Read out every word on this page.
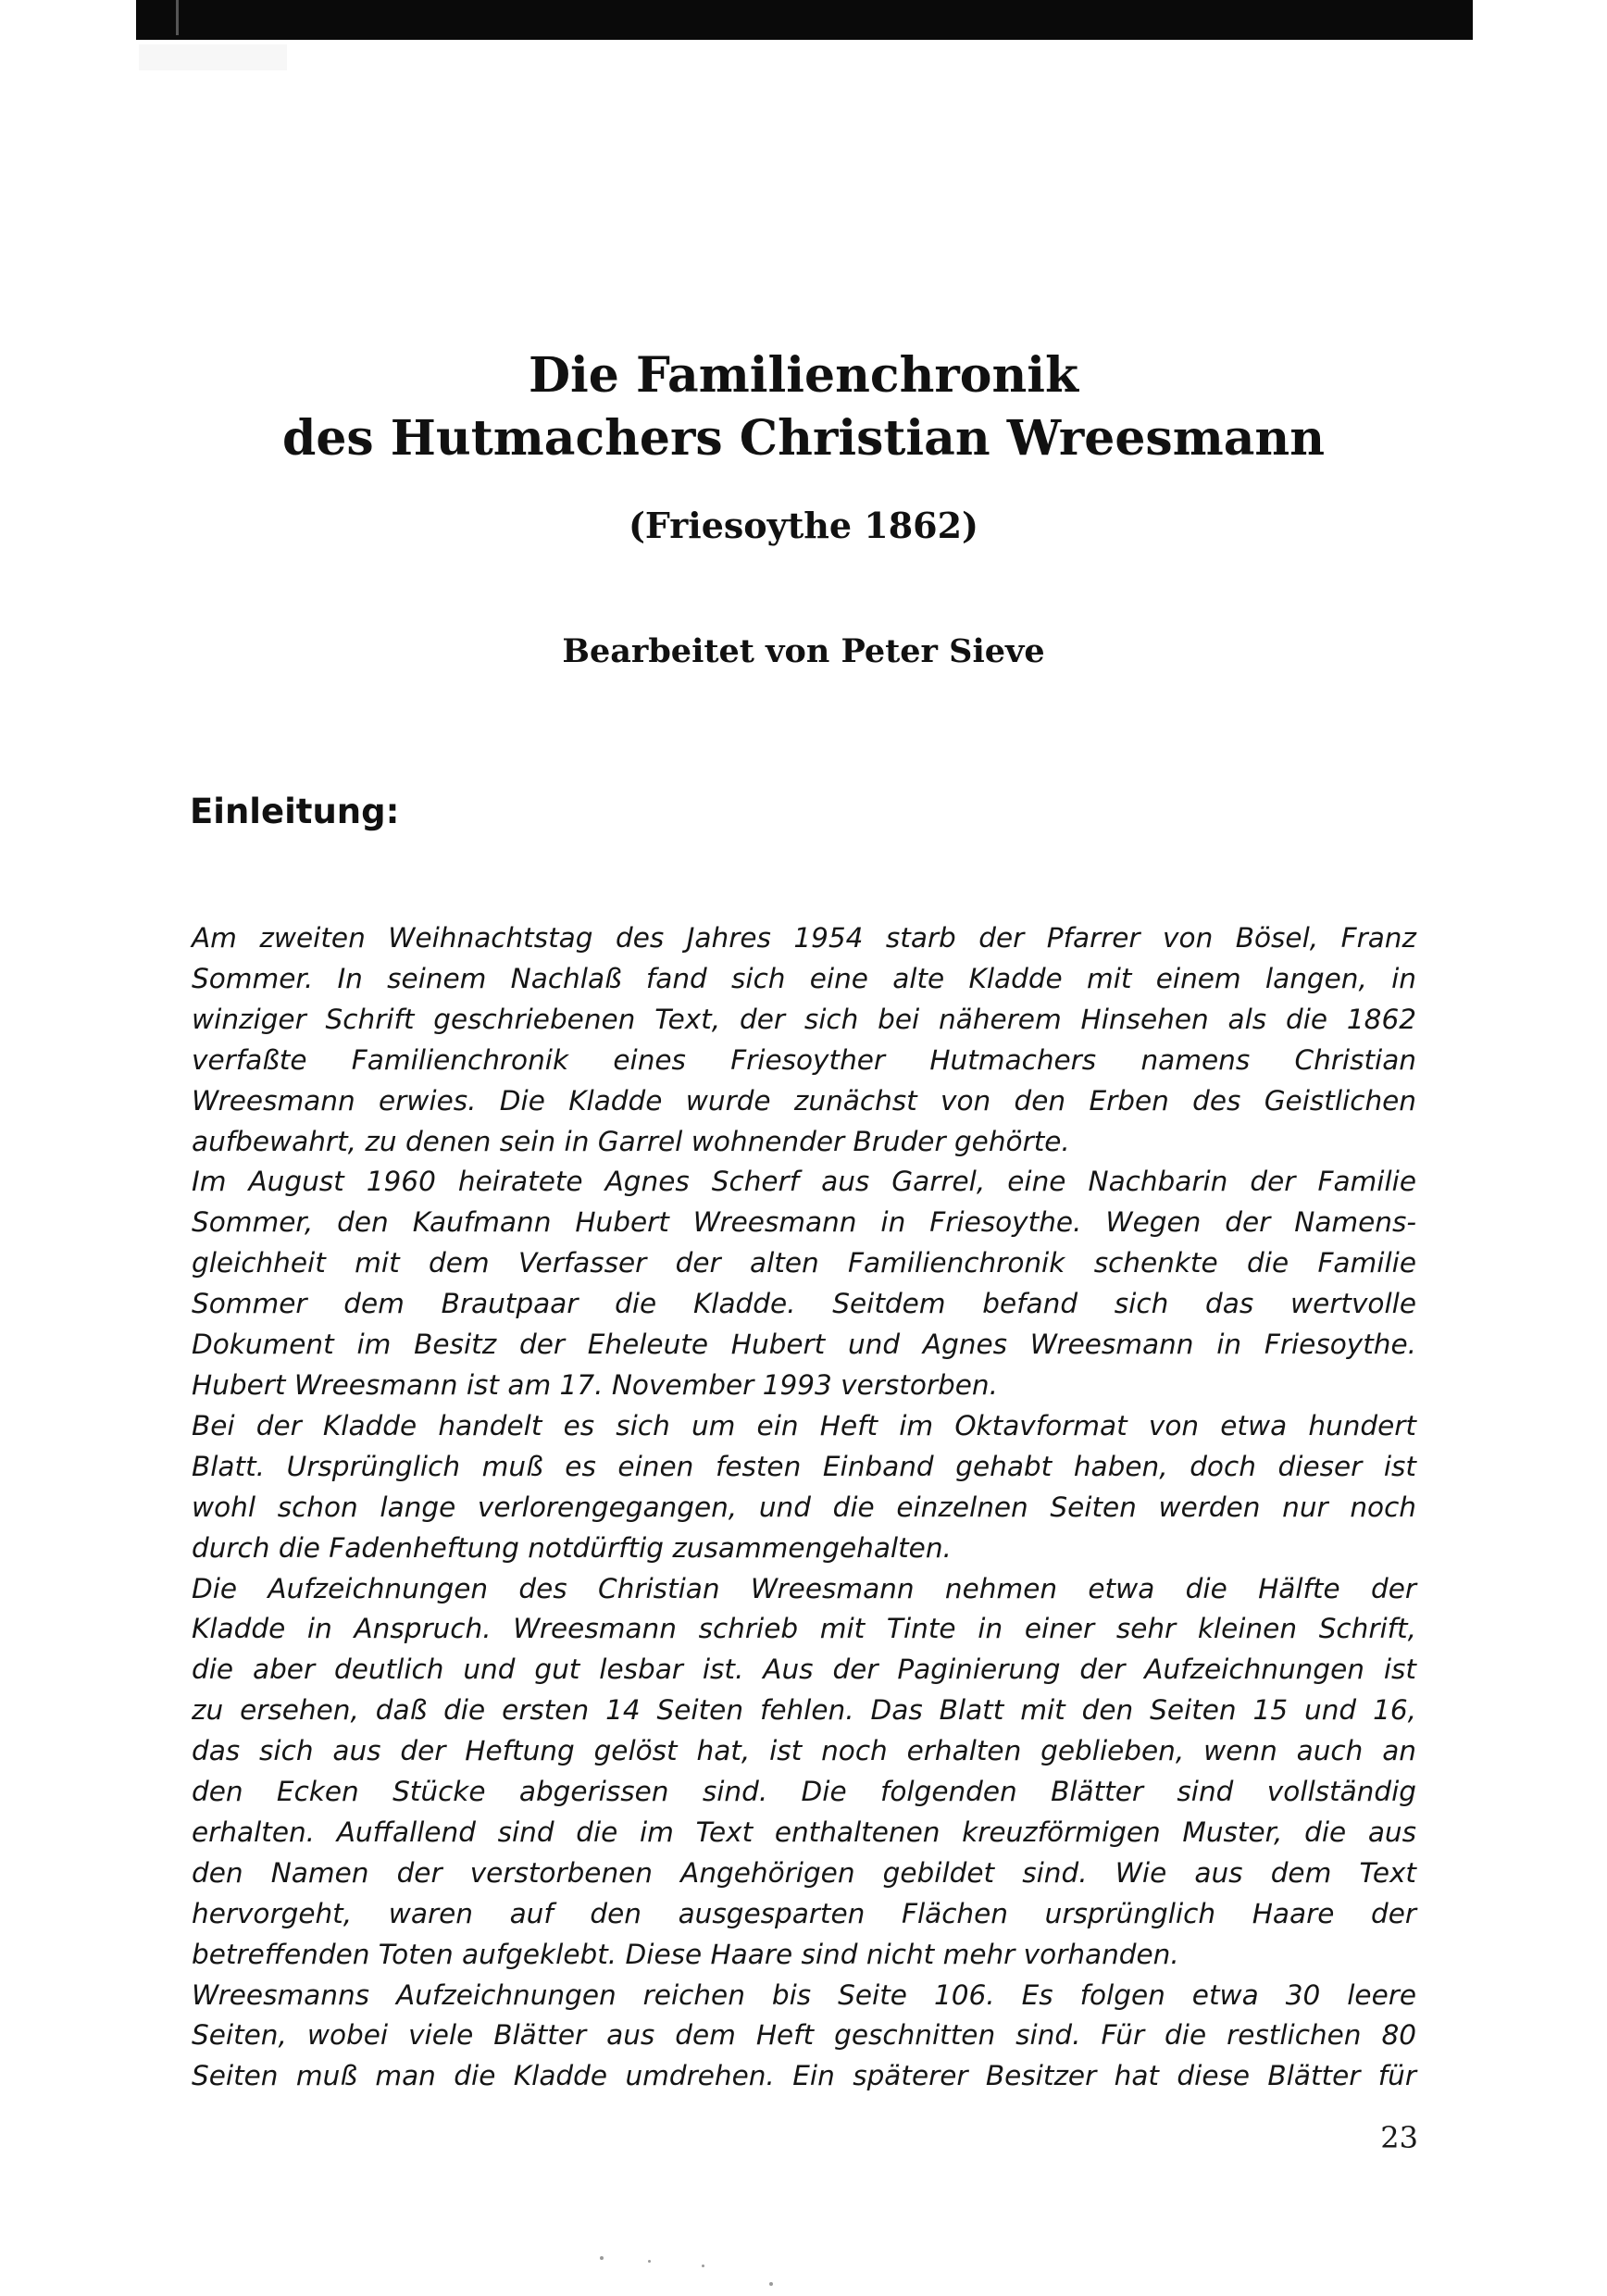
Die Familienchronik
des Hutmachers Christian Wreesmann
(Friesoythe 1862)
Bearbeitet von Peter Sieve
Einleitung:
Am zweiten Weihnachtstag des Jahres 1954 starb der Pfarrer von Bösel, Franz
Sommer. In seinem Nachlaß fand sich eine alte Kladde mit einem langen, in
winziger Schrift geschriebenen Text, der sich bei näherem Hinsehen als die 1862
verfaßte Familienchronik eines Friesoyther Hutmachers namens Christian
Wreesmann erwies. Die Kladde wurde zunächst von den Erben des Geistlichen
aufbewahrt, zu denen sein in Garrel wohnender Bruder gehörte.
Im August 1960 heiratete Agnes Scherf aus Garrel, eine Nachbarin der Familie
Sommer, den Kaufmann Hubert Wreesmann in Friesoythe. Wegen der Namens-
gleichheit mit dem Verfasser der alten Familienchronik schenkte die Familie
Sommer dem Brautpaar die Kladde. Seitdem befand sich das wertvolle
Dokument im Besitz der Eheleute Hubert und Agnes Wreesmann in Friesoythe.
Hubert Wreesmann ist am 17. November 1993 verstorben.
Bei der Kladde handelt es sich um ein Heft im Oktavformat von etwa hundert
Blatt. Ursprünglich muß es einen festen Einband gehabt haben, doch dieser ist
wohl schon lange verlorengegangen, und die einzelnen Seiten werden nur noch
durch die Fadenheftung notdürftig zusammengehalten.
Die Aufzeichnungen des Christian Wreesmann nehmen etwa die Hälfte der
Kladde in Anspruch. Wreesmann schrieb mit Tinte in einer sehr kleinen Schrift,
die aber deutlich und gut lesbar ist. Aus der Paginierung der Aufzeichnungen ist
zu ersehen, daß die ersten 14 Seiten fehlen. Das Blatt mit den Seiten 15 und 16,
das sich aus der Heftung gelöst hat, ist noch erhalten geblieben, wenn auch an
den Ecken Stücke abgerissen sind. Die folgenden Blätter sind vollständig
erhalten. Auffallend sind die im Text enthaltenen kreuzförmigen Muster, die aus
den Namen der verstorbenen Angehörigen gebildet sind. Wie aus dem Text
hervorgeht, waren auf den ausgesparten Flächen ursprünglich Haare der
betreffenden Toten aufgeklebt. Diese Haare sind nicht mehr vorhanden.
Wreesmanns Aufzeichnungen reichen bis Seite 106. Es folgen etwa 30 leere
Seiten, wobei viele Blätter aus dem Heft geschnitten sind. Für die restlichen 80
Seiten muß man die Kladde umdrehen. Ein späterer Besitzer hat diese Blätter für
23
